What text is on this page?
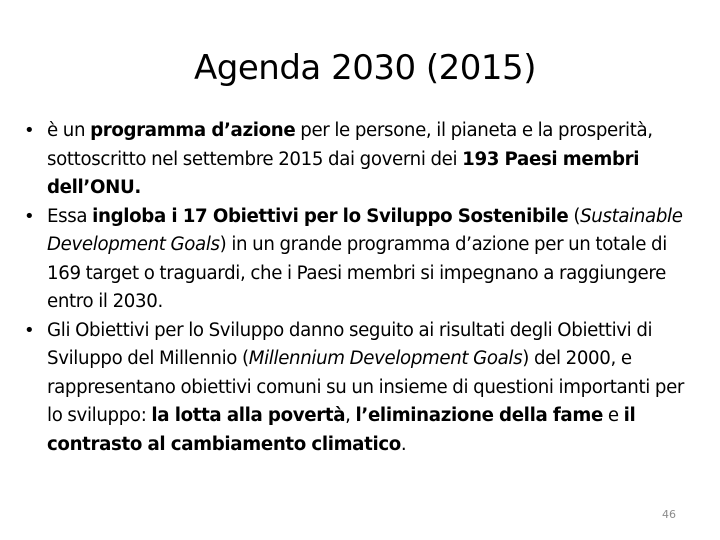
Agenda 2030 (2015)
• è un programma d’azione per le persone, il pianeta e la prosperità, sottoscritto nel settembre 2015 dai governi dei 193 Paesi membri dell’ONU.
• Essa ingloba i 17 Obiettivi per lo Sviluppo Sostenibile (Sustainable Development Goals) in un grande programma d’azione per un totale di 169 target o traguardi, che i Paesi membri si impegnano a raggiungere entro il 2030.
• Gli Obiettivi per lo Sviluppo danno seguito ai risultati degli Obiettivi di Sviluppo del Millennio (Millennium Development Goals) del 2000, e rappresentano obiettivi comuni su un insieme di questioni importanti per lo sviluppo: la lotta alla povertà, l’eliminazione della fame e il contrasto al cambiamento climatico.
46
